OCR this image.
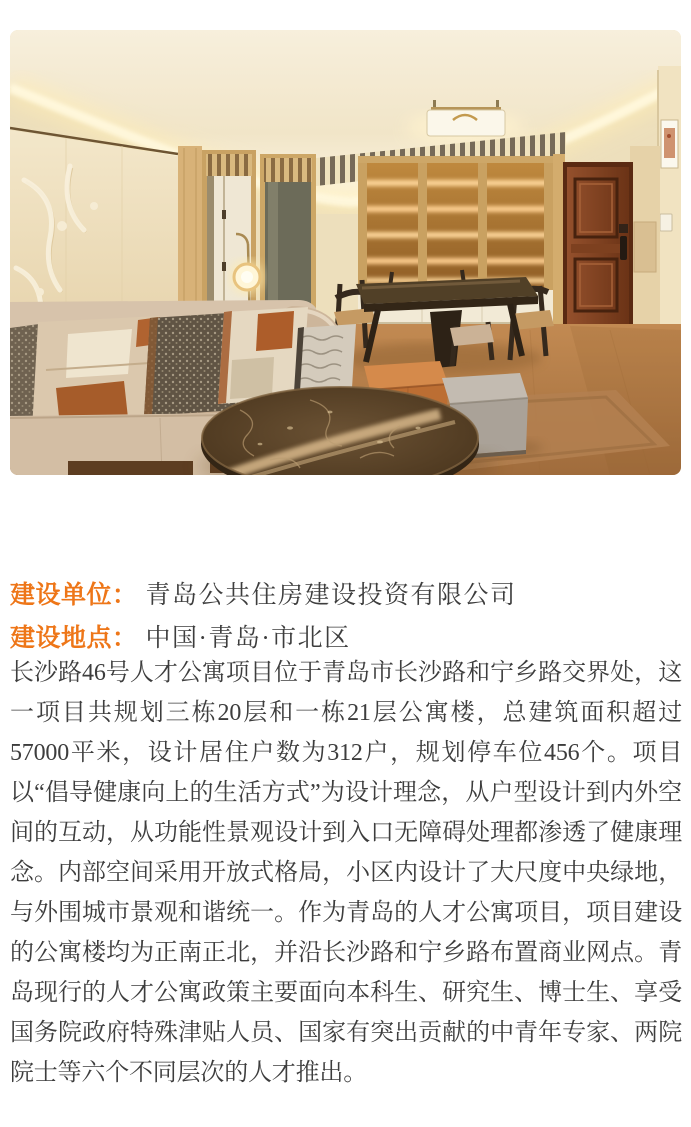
建设单位： 青岛公共住房建设投资有限公司
建设地点： 中国·青岛·市北区

长沙路46号人才公寓项目位于青岛市长沙路和宁乡路交界处，这一项目共规划三栋20层和一栋21层公寓楼，总建筑面积超过57000平米，设计居住户数为312户，规划停车位456个。项目以“倡导健康向上的生活方式”为设计理念，从户型设计到内外空间的互动，从功能性景观设计到入口无障碍处理都渗透了健康理念。内部空间采用开放式格局，小区内设计了大尺度中央绿地，与外围城市景观和谐统一。作为青岛的人才公寓项目，项目建设的公寓楼均为正南正北，并沿长沙路和宁乡路布置商业网点。青岛现行的人才公寓政策主要面向本科生、研究生、博士生、享受国务院政府特殊津贴人员、国家有突出贡献的中青年专家、两院院士等六个不同层次的人才推出。
